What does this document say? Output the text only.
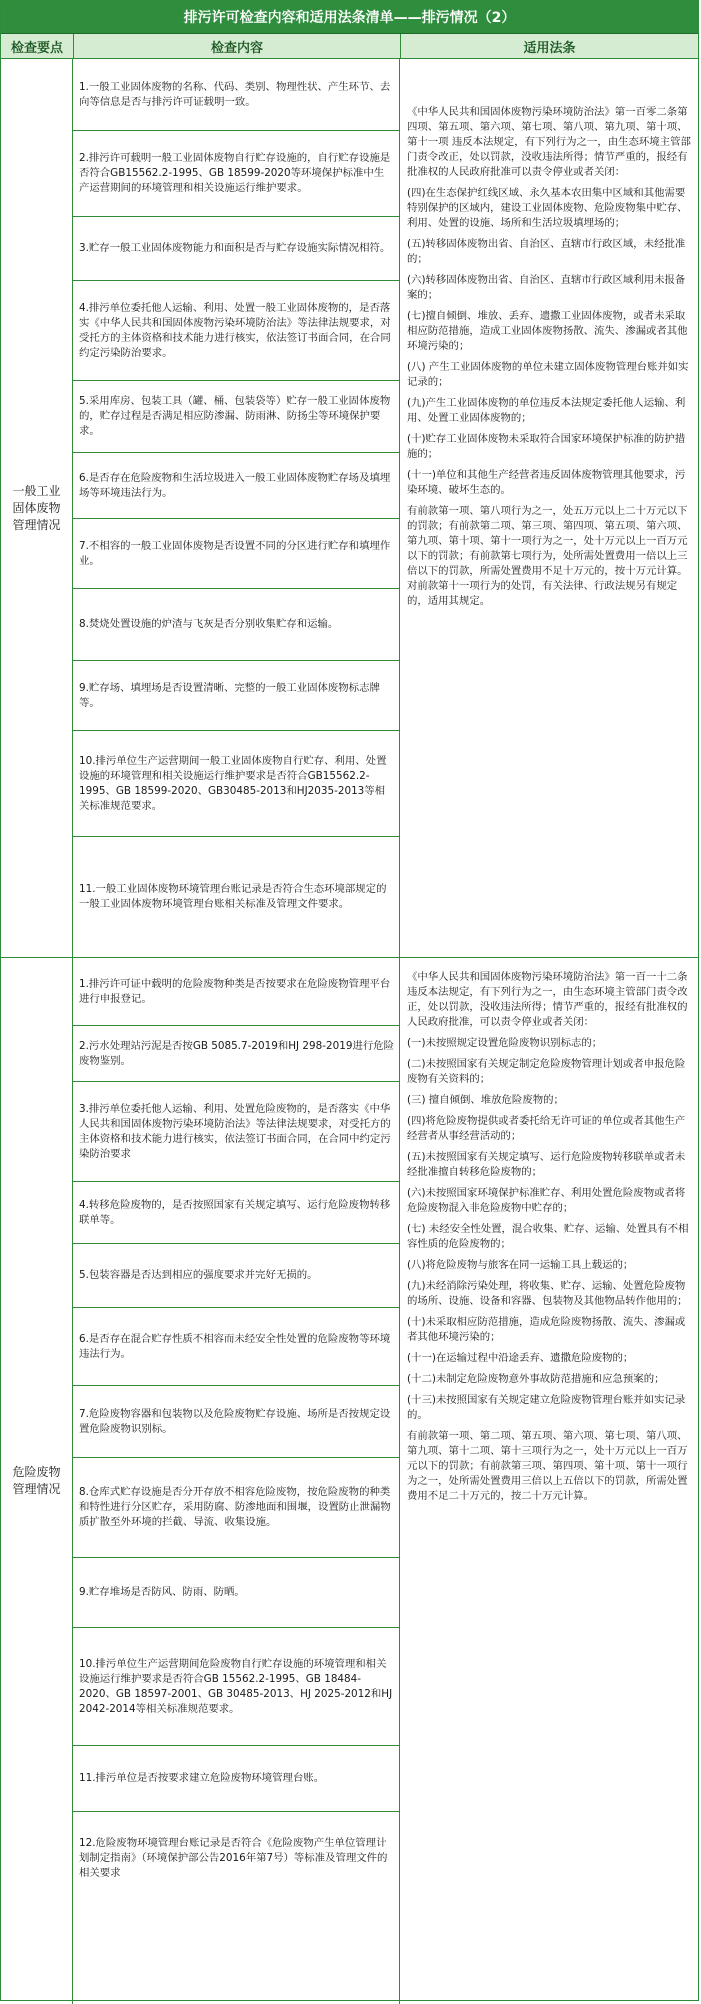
排污许可检查内容和适用法条清单——排污情况（2）
检查要点	检查内容	适用法条
一般工业固体废物管理情况
1.一般工业固体废物的名称、代码、类别、物理性状、产生环节、去向等信息是否与排污许可证载明一致。
2.排污许可载明一般工业固体废物自行贮存设施的，自行贮存设施是否符合GB15562.2-1995、GB 18599-2020等环境保护标准中生产运营期间的环境管理和相关设施运行维护要求。
3.贮存一般工业固体废物能力和面积是否与贮存设施实际情况相符。
4.排污单位委托他人运输、利用、处置一般工业固体废物的，是否落实《中华人民共和国固体废物污染环境防治法》等法律法规要求，对受托方的主体资格和技术能力进行核实，依法签订书面合同，在合同约定污染防治要求。
5.采用库房、包装工具（罐、桶、包装袋等）贮存一般工业固体废物的，贮存过程是否满足相应防渗漏、防雨淋、防扬尘等环境保护要求。
6.是否存在危险废物和生活垃圾进入一般工业固体废物贮存场及填埋场等环境违法行为。
7.不相容的一般工业固体废物是否设置不同的分区进行贮存和填埋作业。
8.焚烧处置设施的炉渣与飞灰是否分别收集贮存和运输。
9.贮存场、填埋场是否设置清晰、完整的一般工业固体废物标志牌等。
10.排污单位生产运营期间一般工业固体废物自行贮存、利用、处置设施的环境管理和相关设施运行维护要求是否符合GB15562.2-1995、GB 18599-2020、GB30485-2013和HJ2035-2013等相关标准规范要求。
11.一般工业固体废物环境管理台账记录是否符合生态环境部规定的一般工业固体废物环境管理台账相关标准及管理文件要求。

《中华人民共和国固体废物污染环境防治法》第一百零二条第四项、第五项、第六项、第七项、第八项、第九项、第十项、第十一项 违反本法规定，有下列行为之一，由生态环境主管部门责令改正，处以罚款，没收违法所得；情节严重的，报经有批准权的人民政府批准可以责令停业或者关闭：

(四)在生态保护红线区域、永久基本农田集中区域和其他需要特别保护的区域内，建设工业固体废物、危险废物集中贮存、利用、处置的设施、场所和生活垃圾填埋场的；

(五)转移固体废物出省、自治区、直辖市行政区域，未经批准的；

(六)转移固体废物出省、自治区、直辖市行政区域利用未报备案的；

(七)擅自倾倒、堆放、丢弃、遗撒工业固体废物，或者未采取相应防范措施，造成工业固体废物扬散、流失、渗漏或者其他环境污染的；

(八) 产生工业固体废物的单位未建立固体废物管理台账并如实记录的；

(九)产生工业固体废物的单位违反本法规定委托他人运输、利用、处置工业固体废物的；

(十)贮存工业固体废物未采取符合国家环境保护标准的防护措施的；

(十一)单位和其他生产经营者违反固体废物管理其他要求，污染环境、破坏生态的。

有前款第一项、第八项行为之一，处五万元以上二十万元以下的罚款；有前款第二项、第三项、第四项、第五项、第六项、第九项、第十项、第十一项行为之一，处十万元以上一百万元以下的罚款；有前款第七项行为，处所需处置费用一倍以上三倍以下的罚款，所需处置费用不足十万元的，按十万元计算。对前款第十一项行为的处罚，有关法律、行政法规另有规定的，适用其规定。

危险废物管理情况
1.排污许可证中载明的危险废物种类是否按要求在危险废物管理平台进行申报登记。
2.污水处理站污泥是否按GB 5085.7-2019和HJ 298-2019进行危险废物鉴别。
3.排污单位委托他人运输、利用、处置危险废物的，是否落实《中华人民共和国固体废物污染环境防治法》等法律法规要求，对受托方的主体资格和技术能力进行核实，依法签订书面合同，在合同中约定污染防治要求
4.转移危险废物的，是否按照国家有关规定填写、运行危险废物转移联单等。
5.包装容器是否达到相应的强度要求并完好无损的。
6.是否存在混合贮存性质不相容而未经安全性处置的危险废物等环境违法行为。
7.危险废物容器和包装物以及危险废物贮存设施、场所是否按规定设置危险废物识别标。
8.仓库式贮存设施是否分开存放不相容危险废物，按危险废物的种类和特性进行分区贮存，采用防腐、防渗地面和围堰，设置防止泄漏物质扩散至外环境的拦截、导流、收集设施。
9.贮存堆场是否防风、防雨、防晒。
10.排污单位生产运营期间危险废物自行贮存设施的环境管理和相关设施运行维护要求是否符合GB 15562.2-1995、GB 18484-2020、GB 18597-2001、GB 30485-2013、HJ 2025-2012和HJ 2042-2014等相关标准规范要求。
11.排污单位是否按要求建立危险废物环境管理台账。
12.危险废物环境管理台账记录是否符合《危险废物产生单位管理计划制定指南》（环境保护部公告2016年第7号）等标准及管理文件的相关要求

《中华人民共和国固体废物污染环境防治法》第一百一十二条 违反本法规定，有下列行为之一，由生态环境主管部门责令改正，处以罚款，没收违法所得；情节严重的，报经有批准权的人民政府批准，可以责令停业或者关闭：

(一)未按照规定设置危险废物识别标志的；

(二)未按照国家有关规定制定危险废物管理计划或者申报危险废物有关资料的；

(三) 擅自倾倒、堆放危险废物的；

(四)将危险废物提供或者委托给无许可证的单位或者其他生产经营者从事经营活动的；

(五)未按照国家有关规定填写、运行危险废物转移联单或者未经批准擅自转移危险废物的；

(六)未按照国家环境保护标准贮存、利用处置危险废物或者将危险废物混入非危险废物中贮存的；

(七) 未经安全性处置，混合收集、贮存、运输、处置具有不相容性质的危险废物的；

(八)将危险废物与旅客在同一运输工具上载运的；

(九)未经消除污染处理，将收集、贮存、运输、处置危险废物的场所、设施、设备和容器、包装物及其他物品转作他用的；

(十)未采取相应防范措施，造成危险废物扬散、流失、渗漏或者其他环境污染的；

(十一)在运输过程中沿途丢弃、遗撒危险废物的；

(十二)未制定危险废物意外事故防范措施和应急预案的；

(十三)未按照国家有关规定建立危险废物管理台账并如实记录的。

有前款第一项、第二项、第五项、第六项、第七项、第八项、第九项、第十二项、第十三项行为之一，处十万元以上一百万元以下的罚款；有前款第三项、第四项、第十项、第十一项行为之一，处所需处置费用三倍以上五倍以下的罚款，所需处置费用不足二十万元的，按二十万元计算。
